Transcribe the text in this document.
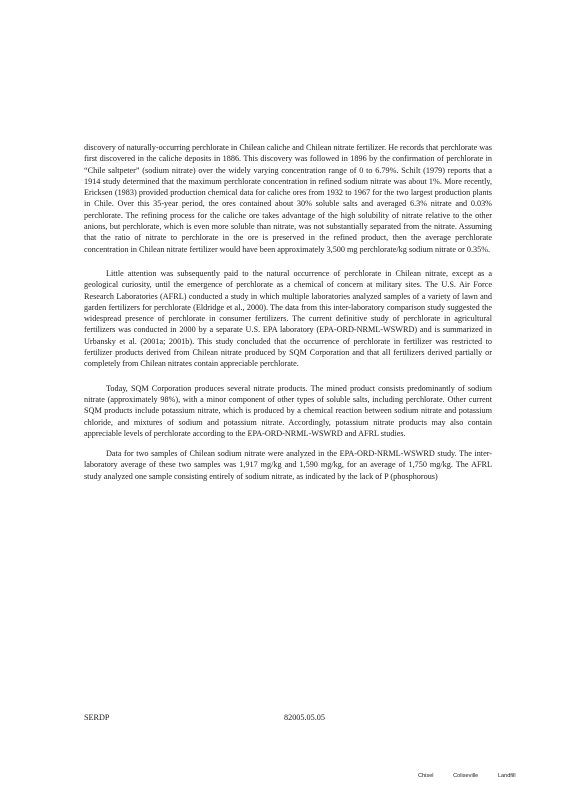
discovery of naturally-occurring perchlorate in Chilean caliche and Chilean nitrate fertilizer. He records that perchlorate was first discovered in the caliche deposits in 1886. This discovery was followed in 1896 by the confirmation of perchlorate in “Chile saltpeter” (sodium nitrate) over the widely varying concentration range of 0 to 6.79%. Schilt (1979) reports that a 1914 study determined that the maximum perchlorate concentration in refined sodium nitrate was about 1%. More recently, Ericksen (1983) provided production chemical data for caliche ores from 1932 to 1967 for the two largest production plants in Chile. Over this 35-year period, the ores contained about 30% soluble salts and averaged 6.3% nitrate and 0.03% perchlorate. The refining process for the caliche ore takes advantage of the high solubility of nitrate relative to the other anions, but perchlorate, which is even more soluble than nitrate, was not substantially separated from the nitrate. Assuming that the ratio of nitrate to perchlorate in the ore is preserved in the refined product, then the average perchlorate concentration in Chilean nitrate fertilizer would have been approximately 3,500 mg perchlorate/kg sodium nitrate or 0.35%.

Little attention was subsequently paid to the natural occurrence of perchlorate in Chilean nitrate, except as a geological curiosity, until the emergence of perchlorate as a chemical of concern at military sites. The U.S. Air Force Research Laboratories (AFRL) conducted a study in which multiple laboratories analyzed samples of a variety of lawn and garden fertilizers for perchlorate (Eldridge et al., 2000). The data from this inter-laboratory comparison study suggested the widespread presence of perchlorate in consumer fertilizers. The current definitive study of perchlorate in agricultural fertilizers was conducted in 2000 by a separate U.S. EPA laboratory (EPA-ORD-NRML-WSWRD) and is summarized in Urbansky et al. (2001a; 2001b). This study concluded that the occurrence of perchlorate in fertilizer was restricted to fertilizer products derived from Chilean nitrate produced by SQM Corporation and that all fertilizers derived partially or completely from Chilean nitrates contain appreciable perchlorate.

Today, SQM Corporation produces several nitrate products. The mined product consists predominantly of sodium nitrate (approximately 98%), with a minor component of other types of soluble salts, including perchlorate. Other current SQM products include potassium nitrate, which is produced by a chemical reaction between sodium nitrate and potassium chloride, and mixtures of sodium and potassium nitrate. Accordingly, potassium nitrate products may also contain appreciable levels of perchlorate according to the EPA-ORD-NRML-WSWRD and AFRL studies.

Data for two samples of Chilean sodium nitrate were analyzed in the EPA-ORD-NRML-WSWRD study. The inter-laboratory average of these two samples was 1,917 mg/kg and 1,590 mg/kg, for an average of 1,750 mg/kg. The AFRL study analyzed one sample consisting entirely of sodium nitrate, as indicated by the lack of P (phosphorous)

SERDP	82005.05.05
Chisel	Coliseville	Landfill
